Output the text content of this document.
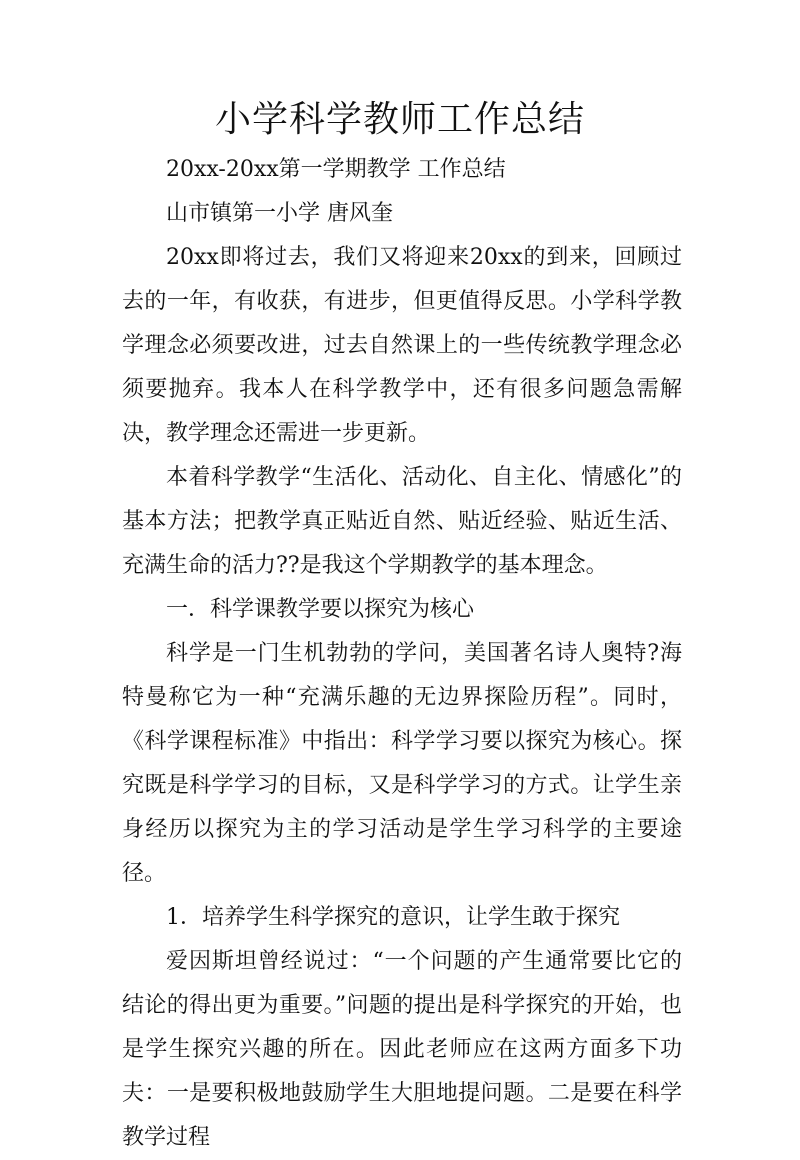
小学科学教师工作总结

20xx-20xx第一学期教学 工作总结

山市镇第一小学 唐风奎

20xx即将过去，我们又将迎来20xx的到来，回顾过去的一年，有收获，有进步，但更值得反思。小学科学教学理念必须要改进，过去自然课上的一些传统教学理念必须要抛弃。我本人在科学教学中，还有很多问题急需解决，教学理念还需进一步更新。

本着科学教学“生活化、活动化、自主化、情感化”的基本方法；把教学真正贴近自然、贴近经验、贴近生活、充满生命的活力??是我这个学期教学的基本理念。

一．科学课教学要以探究为核心

科学是一门生机勃勃的学问，美国著名诗人奥特?海特曼称它为一种“充满乐趣的无边界探险历程”。同时，《科学课程标准》中指出：科学学习要以探究为核心。探究既是科学学习的目标，又是科学学习的方式。让学生亲身经历以探究为主的学习活动是学生学习科学的主要途径。

1．培养学生科学探究的意识，让学生敢于探究

爱因斯坦曾经说过：“一个问题的产生通常要比它的结论的得出更为重要。”问题的提出是科学探究的开始，也是学生探究兴趣的所在。因此老师应在这两方面多下功夫：一是要积极地鼓励学生大胆地提问题。二是要在科学教学过程
